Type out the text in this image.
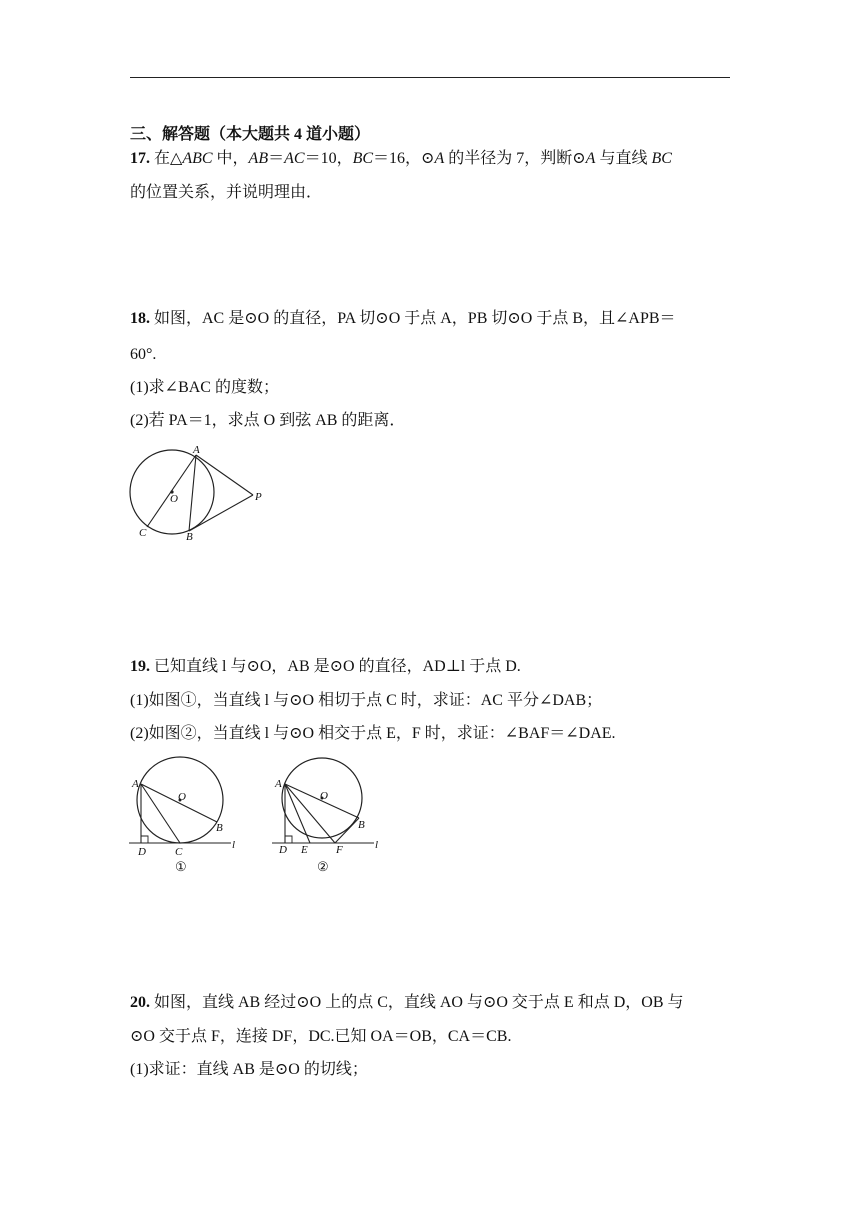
三、解答题（本大题共 4 道小题）
17. 在△ABC 中，AB＝AC＝10，BC＝16，⊙A 的半径为 7，判断⊙A 与直线 BC
的位置关系，并说明理由．
18. 如图，AC 是⊙O 的直径，PA 切⊙O 于点 A，PB 切⊙O 于点 B，且∠APB＝
60°.
(1)求∠BAC 的度数；
(2)若 PA＝1，求点 O 到弦 AB 的距离．
A
O	P
C	B
19. 已知直线 l 与⊙O，AB 是⊙O 的直径，AD⊥l 于点 D.
(1)如图①，当直线 l 与⊙O 相切于点 C 时，求证：AC 平分∠DAB；
(2)如图②，当直线 l 与⊙O 相交于点 E，F 时，求证：∠BAF＝∠DAE.
A
O
B
D	C
l
①
A
O
B
D E	F	l
②
20. 如图，直线 AB 经过⊙O 上的点 C，直线 AO 与⊙O 交于点 E 和点 D，OB 与
⊙O 交于点 F，连接 DF，DC.已知 OA＝OB，CA＝CB.
(1)求证：直线 AB 是⊙O 的切线；
